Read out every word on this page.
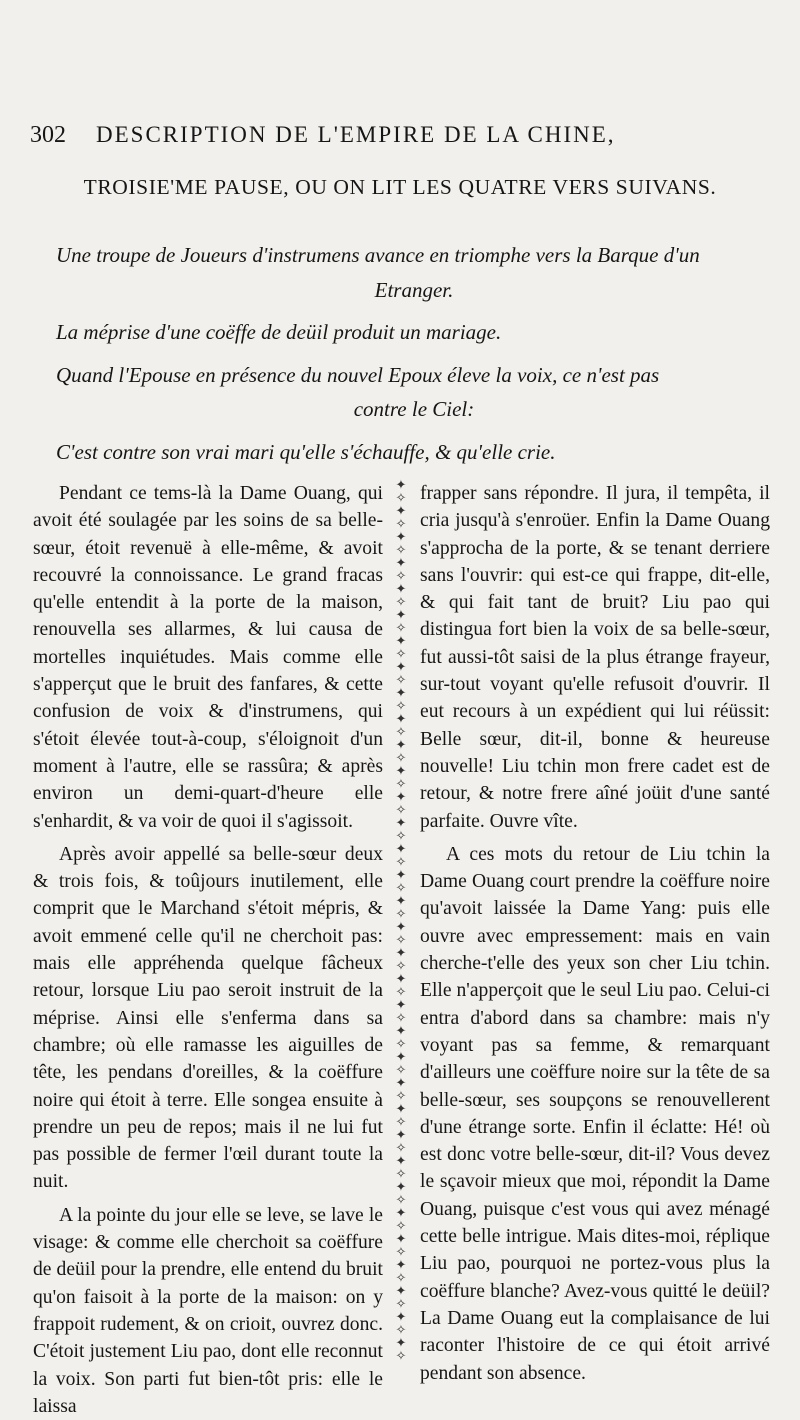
302 DESCRIPTION DE L'EMPIRE DE LA CHINE,
TROISIE'ME PAUSE, OU ON LIT LES QUATRE VERS SUIVANS.

Une troupe de Joueurs d'instrumens avance en triomphe vers la Barque d'un
Etranger.

La méprise d'une coëffe de deüil produit un mariage.

Quand l'Epouse en présence du nouvel Epoux éleve la voix, ce n'est pas
contre le Ciel:

C'est contre son vrai mari qu'elle s'échauffe, & qu'elle crie.

Pendant ce tems-là la Dame Ouang, qui avoit été soulagée par les soins de sa belle-sœur, étoit revenuë à elle-même, & avoit recouvré la connoissance. Le grand fracas qu'elle entendit à la porte de la maison, renouvella ses allarmes, & lui causa de mortelles inquiétudes. Mais comme elle s'apperçut que le bruit des fanfares, & cette confusion de voix & d'instrumens, qui s'étoit élevée tout-à-coup, s'éloignoit d'un moment à l'autre, elle se rassûra; & après environ un demi-quart-d'heure elle s'enhardit, & va voir de quoi il s'agissoit.

Après avoir appellé sa belle-sœur deux & trois fois, & toûjours inutilement, elle comprit que le Marchand s'étoit mépris, & avoit emmené celle qu'il ne cherchoit pas: mais elle appréhenda quelque fâcheux retour, lorsque Liu pao seroit instruit de la méprise. Ainsi elle s'enferma dans sa chambre; où elle ramasse les aiguilles de tête, les pendans d'oreilles, & la coëffure noire qui étoit à terre. Elle songea ensuite à prendre un peu de repos; mais il ne lui fut pas possible de fermer l'œil durant toute la nuit.

A la pointe du jour elle se leve, se lave le visage: & comme elle cherchoit sa coëffure de deüil pour la prendre, elle entend du bruit qu'on faisoit à la porte de la maison: on y frappoit rudement, & on crioit, ouvrez donc. C'étoit justement Liu pao, dont elle reconnut la voix. Son parti fut bien-tôt pris: elle le laissa

✦
✧
✦
✧
✦
✧
✦
✧
✦
✧
✦
✧
✦
✧
✦
✧
✦
✧
✦
✧
✦
✧
✦
✧
✦
✧
✦
✧
✦
✧
✦
✧
✦
✧
✦
✧
✦
✧
✦
✧
✦
✧
✦
✧
✦
✧
✦
✧
✦
✧
✦
✧
✦
✧
✦
✧
✦
✧
✦
✧
✦
✧
✦
✧
✦
✧
✦
✧

frapper sans répondre. Il jura, il tempêta, il cria jusqu'à s'enroüer. Enfin la Dame Ouang s'approcha de la porte, & se tenant derriere sans l'ouvrir: qui est-ce qui frappe, dit-elle, & qui fait tant de bruit? Liu pao qui distingua fort bien la voix de sa belle-sœur, fut aussi-tôt saisi de la plus étrange frayeur, sur-tout voyant qu'elle refusoit d'ouvrir. Il eut recours à un expédient qui lui réüssit: Belle sœur, dit-il, bonne & heureuse nouvelle! Liu tchin mon frere cadet est de retour, & notre frere aîné joüit d'une santé parfaite. Ouvre vîte.

A ces mots du retour de Liu tchin la Dame Ouang court prendre la coëffure noire qu'avoit laissée la Dame Yang: puis elle ouvre avec empressement: mais en vain cherche-t'elle des yeux son cher Liu tchin. Elle n'apperçoit que le seul Liu pao. Celui-ci entra d'abord dans sa chambre: mais n'y voyant pas sa femme, & remarquant d'ailleurs une coëffure noire sur la tête de sa belle-sœur, ses soupçons se renouvellerent d'une étrange sorte. Enfin il éclatte: Hé! où est donc votre belle-sœur, dit-il? Vous devez le sçavoir mieux que moi, répondit la Dame Ouang, puisque c'est vous qui avez ménagé cette belle intrigue. Mais dites-moi, réplique Liu pao, pourquoi ne portez-vous plus la coëffure blanche? Avez-vous quitté le deüil? La Dame Ouang eut la complaisance de lui raconter l'histoire de ce qui étoit arrivé pendant son absence.
